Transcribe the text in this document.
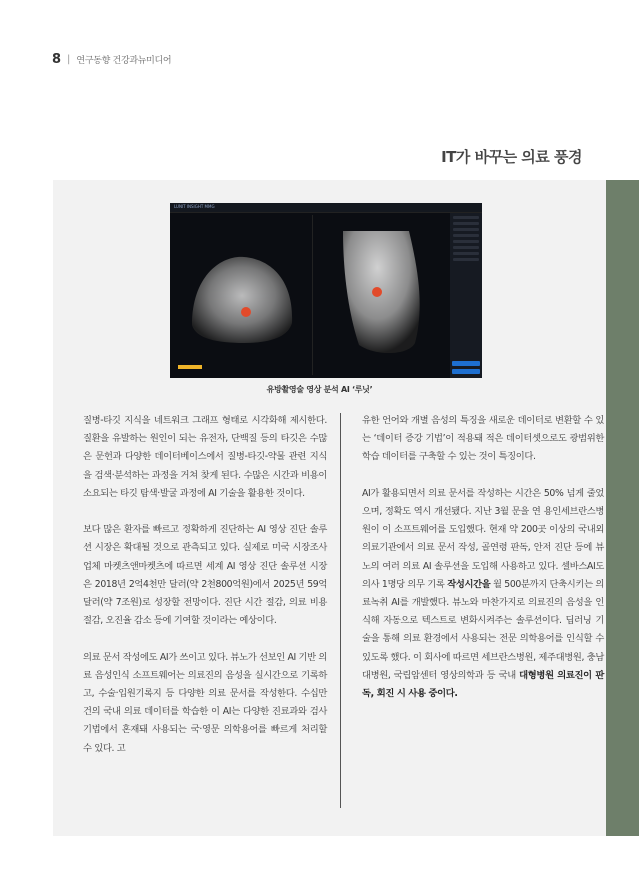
8 | 연구동향 건강과뉴미디어
IT가 바꾸는 의료 풍경
LUNIT INSIGHT MMG
유방촬영술 영상 분석 AI ‘루닛’

질병-타깃 지식을 네트워크 그래프 형태로 시각화해 제시한다. 질환을 유발하는 원인이 되는 유전자, 단백질 등의 타깃은 수많은 문헌과 다양한 데이터베이스에서 질병-타깃-약물 관련 지식을 검색·분석하는 과정을 거쳐 찾게 된다. 수많은 시간과 비용이 소요되는 타깃 탐색·발굴 과정에 AI 기술을 활용한 것이다.

보다 많은 환자를 빠르고 정확하게 진단하는 AI 영상 진단 솔루션 시장은 확대될 것으로 관측되고 있다. 실제로 미국 시장조사 업체 마켓츠앤마켓츠에 따르면 세계 AI 영상 진단 솔루션 시장은 2018년 2억4천만 달러(약 2천800억원)에서 2025년 59억 달러(약 7조원)로 성장할 전망이다. 진단 시간 절감, 의료 비용 절감, 오진율 감소 등에 기여할 것이라는 예상이다.

의료 문서 작성에도 AI가 쓰이고 있다. 뷰노가 선보인 AI 기반 의료 음성인식 소프트웨어는 의료진의 음성을 실시간으로 기록하고, 수술·입원기록지 등 다양한 의료 문서를 작성한다. 수십만 건의 국내 의료 데이터를 학습한 이 AI는 다양한 진료과와 검사기법에서 혼재돼 사용되는 국·영문 의학용어를 빠르게 처리할 수 있다. 고

유한 언어와 개별 음성의 특징을 새로운 데이터로 변환할 수 있는 ‘데이터 증강 기법’이 적용돼 적은 데이터셋으로도 광범위한 학습 데이터를 구축할 수 있는 것이 특징이다.

AI가 활용되면서 의료 문서를 작성하는 시간은 50% 넘게 줄었으며, 정확도 역시 개선됐다. 지난 3월 문을 연 용인세브란스병원이 이 소프트웨어를 도입했다. 현재 약 200곳 이상의 국내외 의료기관에서 의료 문서 작성, 골연령 판독, 안저 진단 등에 뷰노의 여러 의료 AI 솔루션을 도입해 사용하고 있다. 셀바스AI도 의사 1명당 의무 기록 작성시간을 월 500분까지 단축시키는 의료녹취 AI를 개발했다. 뷰노와 마찬가지로 의료진의 음성을 인식해 자동으로 텍스트로 변화시켜주는 솔루션이다. 딥러닝 기술을 통해 의료 환경에서 사용되는 전문 의학용어를 인식할 수 있도록 했다. 이 회사에 따르면 세브란스병원, 제주대병원, 충남대병원, 국립암센터 영상의학과 등 국내 대형병원 의료진이 판독, 회진 시 사용 중이다.
